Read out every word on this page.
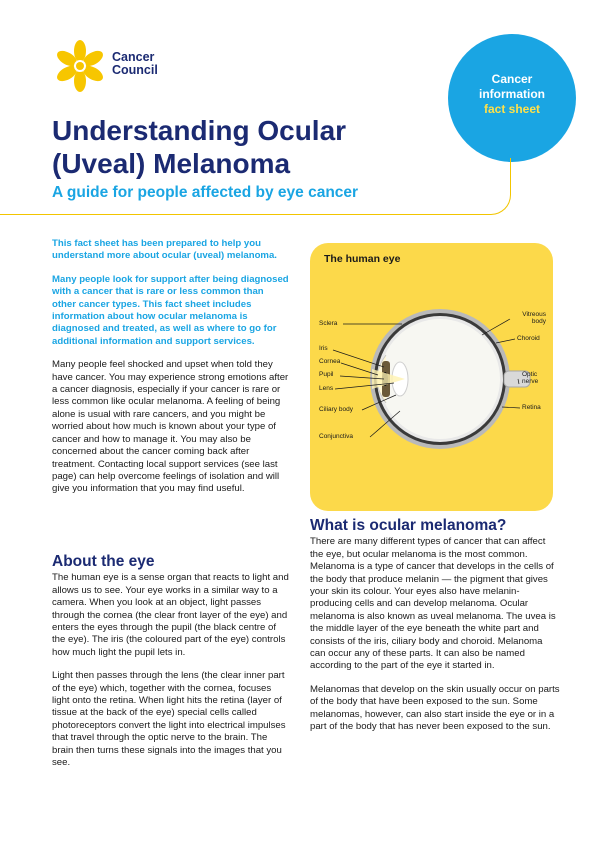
Cancer
Council
Cancer
information
fact sheet
Understanding Ocular
(Uveal) Melanoma
A guide for people affected by eye cancer

This fact sheet has been prepared to help you understand more about ocular (uveal) melanoma.

Many people look for support after being diagnosed with a cancer that is rare or less common than other cancer types. This fact sheet includes information about how ocular melanoma is diagnosed and treated, as well as where to go for additional information and support services.

Many people feel shocked and upset when told they have cancer. You may experience strong emotions after a cancer diagnosis, especially if your cancer is rare or less common like ocular melanoma. A feeling of being alone is usual with rare cancers, and you might be worried about how much is known about your type of cancer and how to manage it. You may also be concerned about the cancer coming back after treatment. Contacting local support services (see last page) can help overcome feelings of isolation and will give you information that you may find useful.

About the eye

The human eye is a sense organ that reacts to light and allows us to see. Your eye works in a similar way to a camera. When you look at an object, light passes through the cornea (the clear front layer of the eye) and enters the eyes through the pupil (the black centre of the eye). The iris (the coloured part of the eye) controls how much light the pupil lets in.

Light then passes through the lens (the clear inner part of the eye) which, together with the cornea, focuses light onto the retina. When light hits the retina (layer of tissue at the back of the eye) special cells called photoreceptors convert the light into electrical impulses that travel through the optic nerve to the brain. The brain then turns these signals into the images that you see.

The human eye
Sclera
Iris
Cornea
Pupil
Lens
Ciliary body
Conjunctiva
Vitreous
body
Choroid
Optic
nerve
Retina
What is ocular melanoma?

There are many different types of cancer that can affect the eye, but ocular melanoma is the most common. Melanoma is a type of cancer that develops in the cells of the body that produce melanin — the pigment that gives your skin its colour. Your eyes also have melanin-producing cells and can develop melanoma. Ocular melanoma is also known as uveal melanoma. The uvea is the middle layer of the eye beneath the white part and consists of the iris, ciliary body and choroid. Melanoma can occur any of these parts. It can also be named according to the part of the eye it started in.

Melanomas that develop on the skin usually occur on parts of the body that have been exposed to the sun. Some melanomas, however, can also start inside the eye or in a part of the body that has never been exposed to the sun.
